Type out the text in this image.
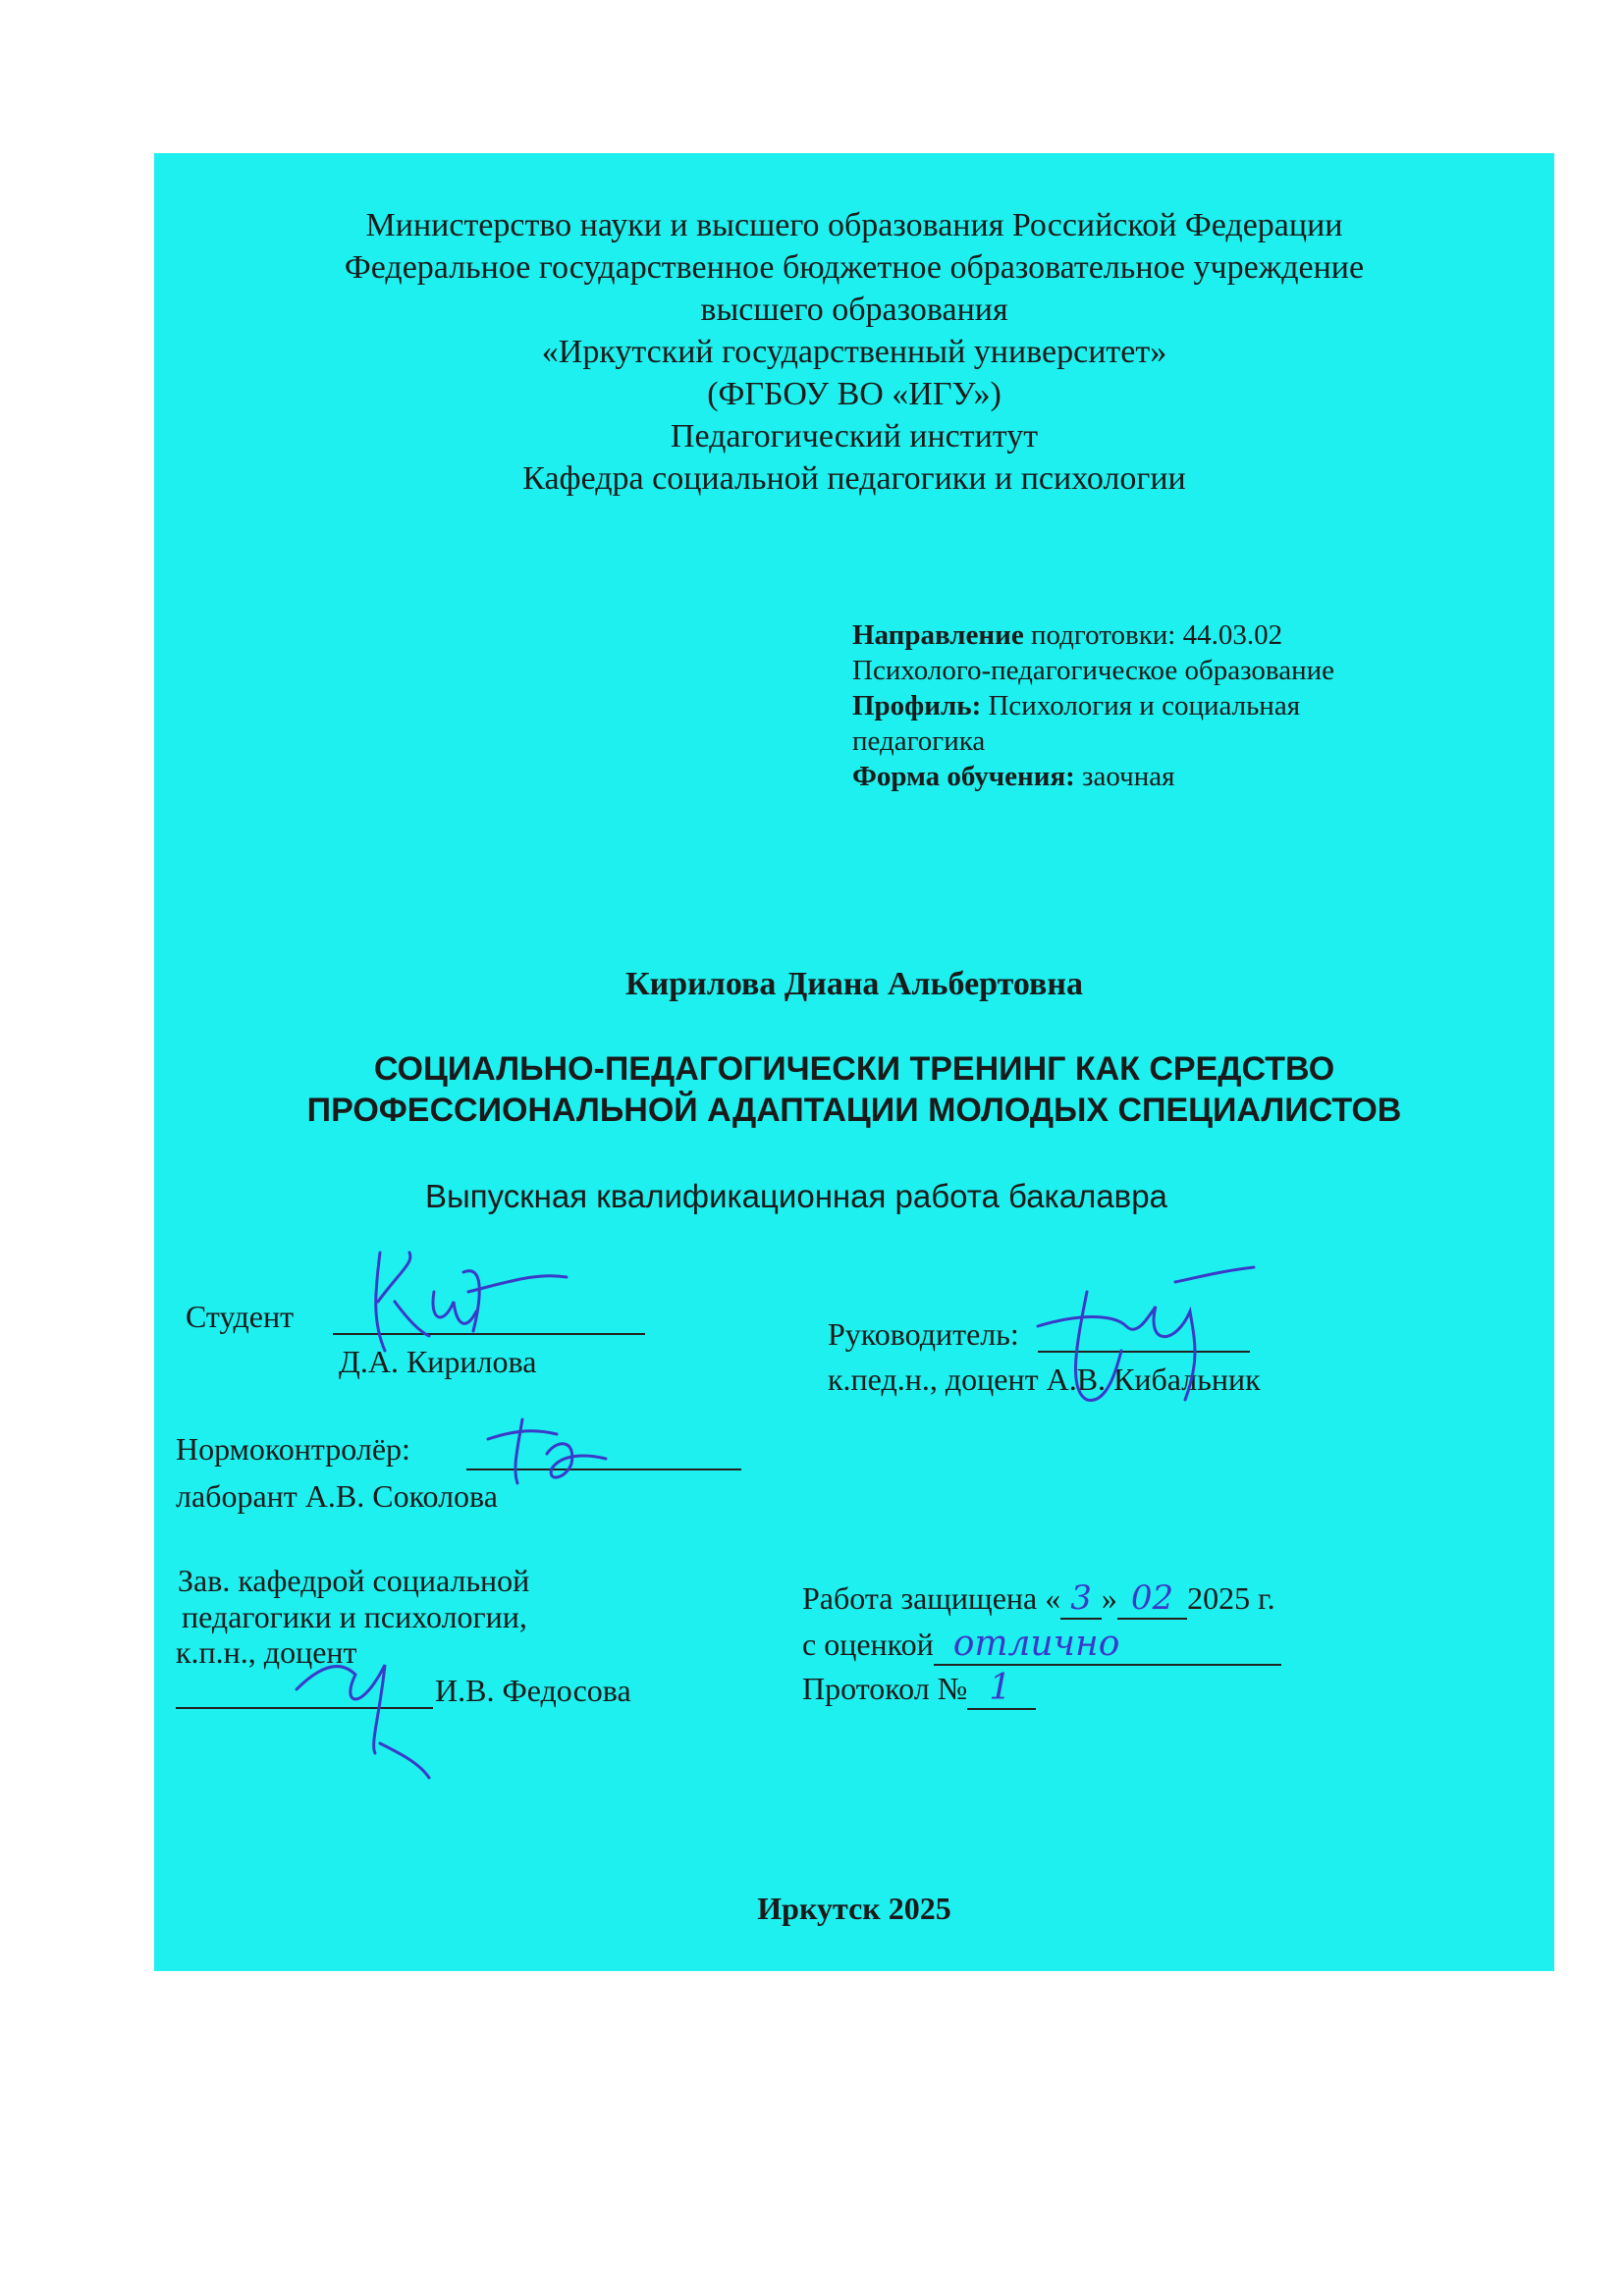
Министерство науки и высшего образования Российской Федерации
Федеральное государственное бюджетное образовательное учреждение
высшего образования
«Иркутский государственный университет»
(ФГБОУ ВО «ИГУ»)
Педагогический институт
Кафедра социальной педагогики и психологии
Направление подготовки: 44.03.02
Психолого-педагогическое образование
Профиль: Психология и социальная
педагогика
Форма обучения: заочная
Кирилова Диана Альбертовна
СОЦИАЛЬНО-ПЕДАГОГИЧЕСКИ ТРЕНИНГ КАК СРЕДСТВО
ПРОФЕССИОНАЛЬНОЙ АДАПТАЦИИ МОЛОДЫХ СПЕЦИАЛИСТОВ
Выпускная квалификационная работа бакалавра
Студент
Д.А. Кирилова
Руководитель:
к.пед.н., доцент А.В. Кибальник
Нормоконтролёр:
лаборант А.В. Соколова
Зав. кафедрой социальной
педагогики и психологии,
к.п.н., доцент
И.В. Федосова
Работа защищена « 3 » 02 2025 г.
с оценкой отлично
Протокол № 1
Иркутск 2025
